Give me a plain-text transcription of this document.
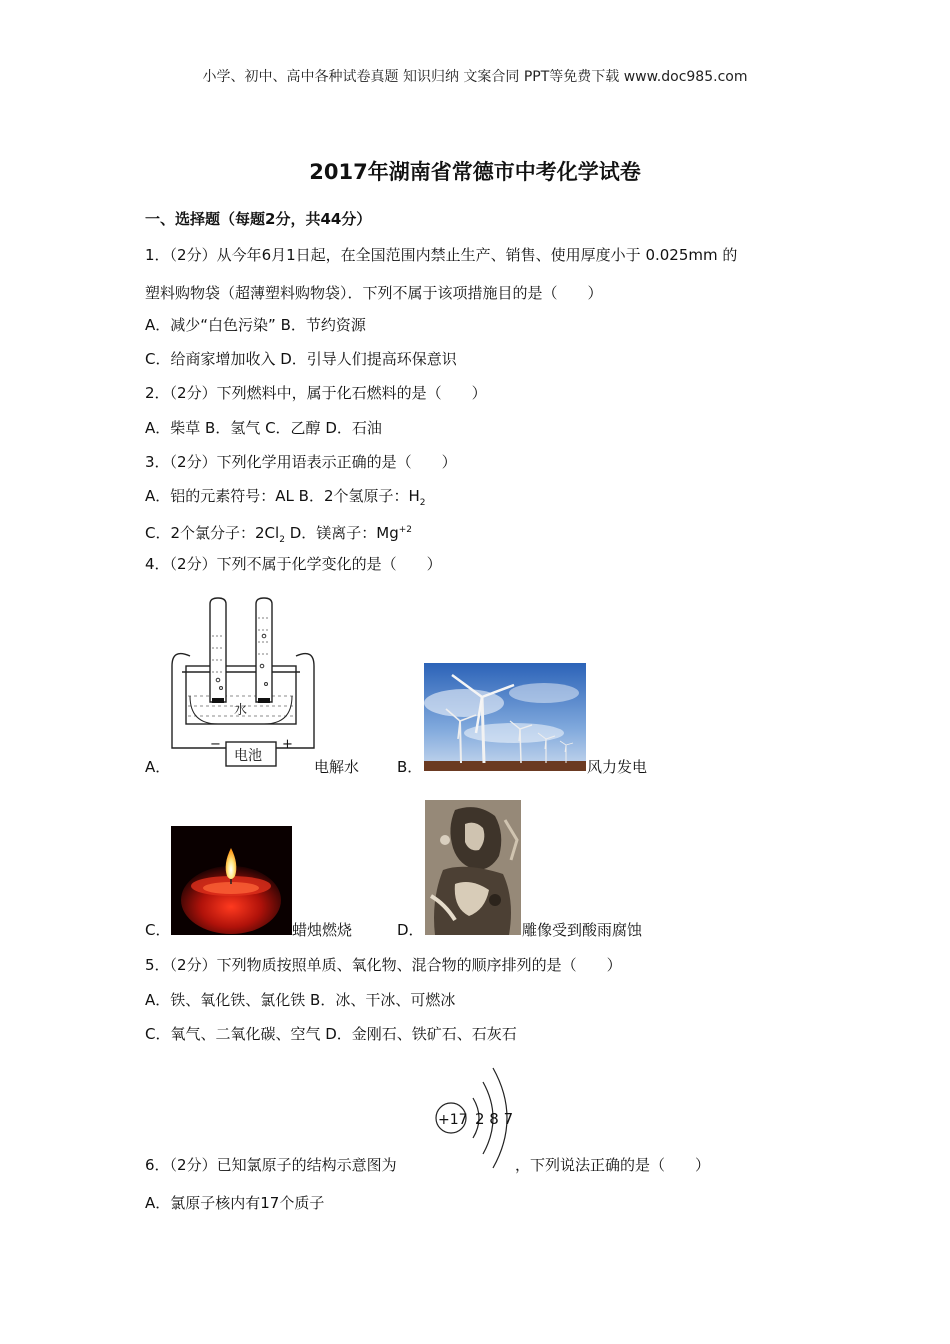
小学、初中、高中各种试卷真题 知识归纳 文案合同 PPT等免费下载 www.doc985.com
2017年湖南省常德市中考化学试卷
一、选择题（每题2分，共44分）
1．（2分）从今年6月1日起，在全国范围内禁止生产、销售、使用厚度小于 0.025mm 的
塑料购物袋（超薄塑料购物袋）．下列不属于该项措施目的是（　　）
A．减少“白色污染” B．节约资源
C．给商家增加收入 D．引导人们提高环保意识
2．（2分）下列燃料中，属于化石燃料的是（　　）
A．柴草 B．氢气 C．乙醇 D．石油
3．（2分）下列化学用语表示正确的是（　　）
A．铝的元素符号：AL B．2个氢原子：$H_2$
C．2个氯分子：$2Cl_2$ D．镁离子：$Mg^{+2}$
4．（2分）下列不属于化学变化的是（　　）
A．
水
电池
−	+
电解水	B．	风力发电
C．	蜡烛燃烧	D．	雕像受到酸雨腐蚀
5．（2分）下列物质按照单质、氧化物、混合物的顺序排列的是（　　）
A．铁、氧化铁、氯化铁 B．冰、干冰、可燃冰
C．氧气、二氧化碳、空气 D．金刚石、铁矿石、石灰石
+17 2 8 7
6．（2分）已知氯原子的结构示意图为	，下列说法正确的是（　　）
A．氯原子核内有17个质子
